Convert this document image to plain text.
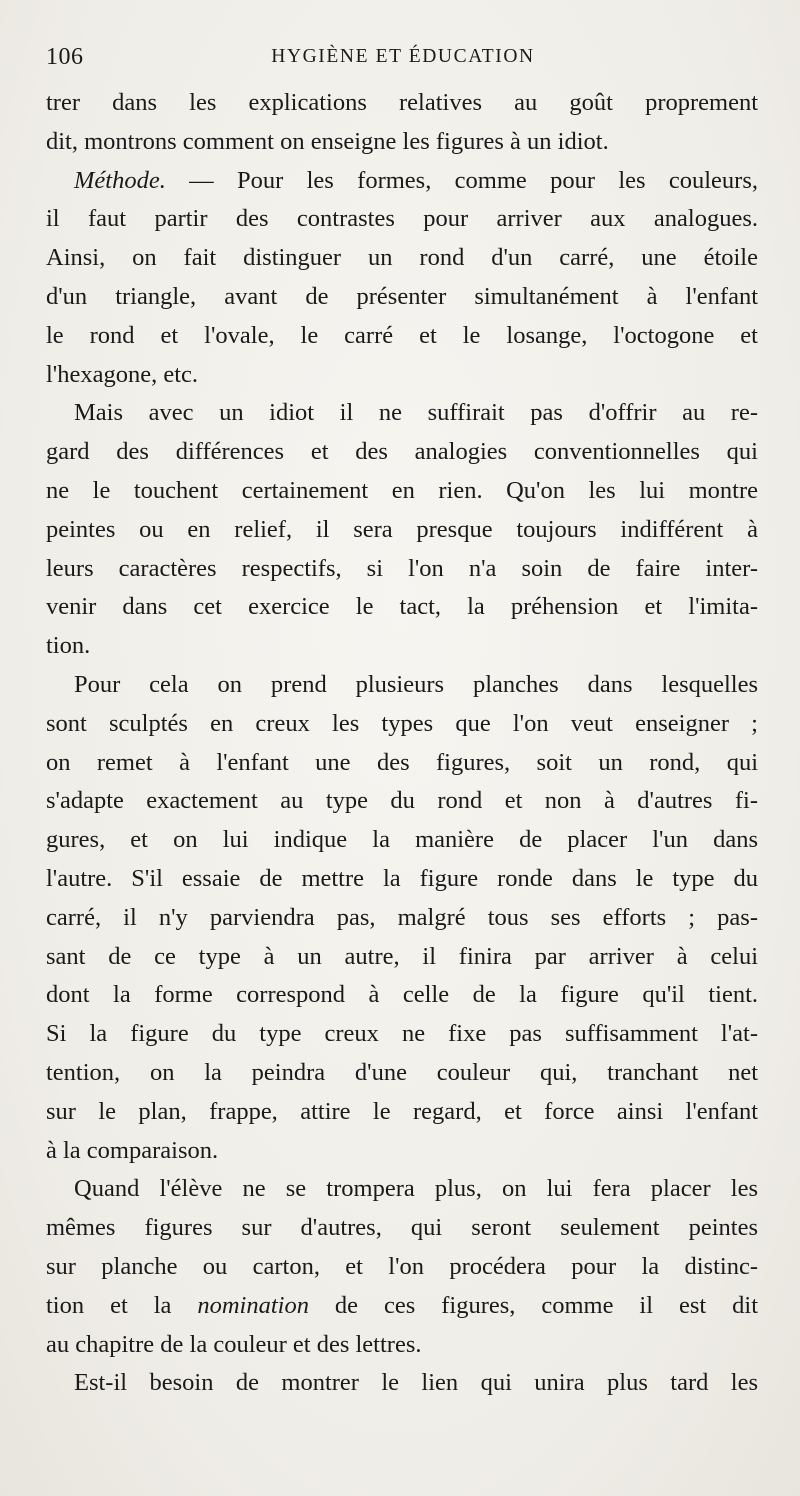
106	HYGIÈNE ET ÉDUCATION
trer dans les explications relatives au goût proprement
dit, montrons comment on enseigne les figures à un idiot.
Méthode. — Pour les formes, comme pour les couleurs,
il faut partir des contrastes pour arriver aux analogues.
Ainsi, on fait distinguer un rond d'un carré, une étoile
d'un triangle, avant de présenter simultanément à l'enfant
le rond et l'ovale, le carré et le losange, l'octogone et
l'hexagone, etc.
Mais avec un idiot il ne suffirait pas d'offrir au re-
gard des différences et des analogies conventionnelles qui
ne le touchent certainement en rien. Qu'on les lui montre
peintes ou en relief, il sera presque toujours indifférent à
leurs caractères respectifs, si l'on n'a soin de faire inter-
venir dans cet exercice le tact, la préhension et l'imita-
tion.
Pour cela on prend plusieurs planches dans lesquelles
sont sculptés en creux les types que l'on veut enseigner ;
on remet à l'enfant une des figures, soit un rond, qui
s'adapte exactement au type du rond et non à d'autres fi-
gures, et on lui indique la manière de placer l'un dans
l'autre. S'il essaie de mettre la figure ronde dans le type du
carré, il n'y parviendra pas, malgré tous ses efforts ; pas-
sant de ce type à un autre, il finira par arriver à celui
dont la forme correspond à celle de la figure qu'il tient.
Si la figure du type creux ne fixe pas suffisamment l'at-
tention, on la peindra d'une couleur qui, tranchant net
sur le plan, frappe, attire le regard, et force ainsi l'enfant
à la comparaison.
Quand l'élève ne se trompera plus, on lui fera placer les
mêmes figures sur d'autres, qui seront seulement peintes
sur planche ou carton, et l'on procédera pour la distinc-
tion et la nomination de ces figures, comme il est dit
au chapitre de la couleur et des lettres.
Est-il besoin de montrer le lien qui unira plus tard les
